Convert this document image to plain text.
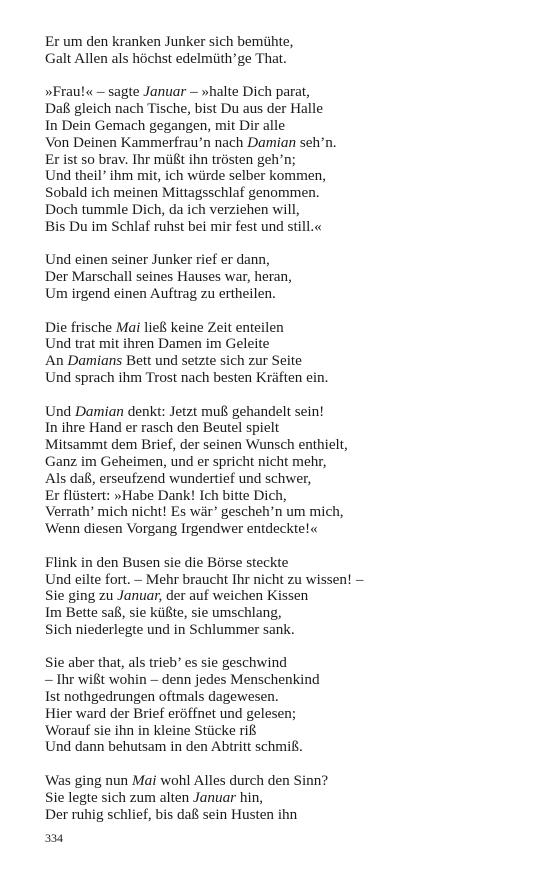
Er um den kranken Junker sich bemühte,
Galt Allen als höchst edelmüth’ge That.
»Frau!« – sagte Januar – »halte Dich parat,
Daß gleich nach Tische, bist Du aus der Halle
In Dein Gemach gegangen, mit Dir alle
Von Deinen Kammerfrau’n nach Damian seh’n.
Er ist so brav. Ihr müßt ihn trösten geh’n;
Und theil’ ihm mit, ich würde selber kommen,
Sobald ich meinen Mittagsschlaf genommen.
Doch tummle Dich, da ich verziehen will,
Bis Du im Schlaf ruhst bei mir fest und still.«
Und einen seiner Junker rief er dann,
Der Marschall seines Hauses war, heran,
Um irgend einen Auftrag zu ertheilen.
Die frische Mai ließ keine Zeit enteilen
Und trat mit ihren Damen im Geleite
An Damians Bett und setzte sich zur Seite
Und sprach ihm Trost nach besten Kräften ein.
Und Damian denkt: Jetzt muß gehandelt sein!
In ihre Hand er rasch den Beutel spielt
Mitsammt dem Brief, der seinen Wunsch enthielt,
Ganz im Geheimen, und er spricht nicht mehr,
Als daß, erseufzend wundertief und schwer,
Er flüstert: »Habe Dank! Ich bitte Dich,
Verrath’ mich nicht! Es wär’ gescheh’n um mich,
Wenn diesen Vorgang Irgendwer entdeckte!«
Flink in den Busen sie die Börse steckte
Und eilte fort. – Mehr braucht Ihr nicht zu wissen! –
Sie ging zu Januar, der auf weichen Kissen
Im Bette saß, sie küßte, sie umschlang,
Sich niederlegte und in Schlummer sank.
Sie aber that, als trieb’ es sie geschwind
– Ihr wißt wohin – denn jedes Menschenkind
Ist nothgedrungen oftmals dagewesen.
Hier ward der Brief eröffnet und gelesen;
Worauf sie ihn in kleine Stücke riß
Und dann behutsam in den Abtritt schmiß.
Was ging nun Mai wohl Alles durch den Sinn?
Sie legte sich zum alten Januar hin,
Der ruhig schlief, bis daß sein Husten ihn
334
